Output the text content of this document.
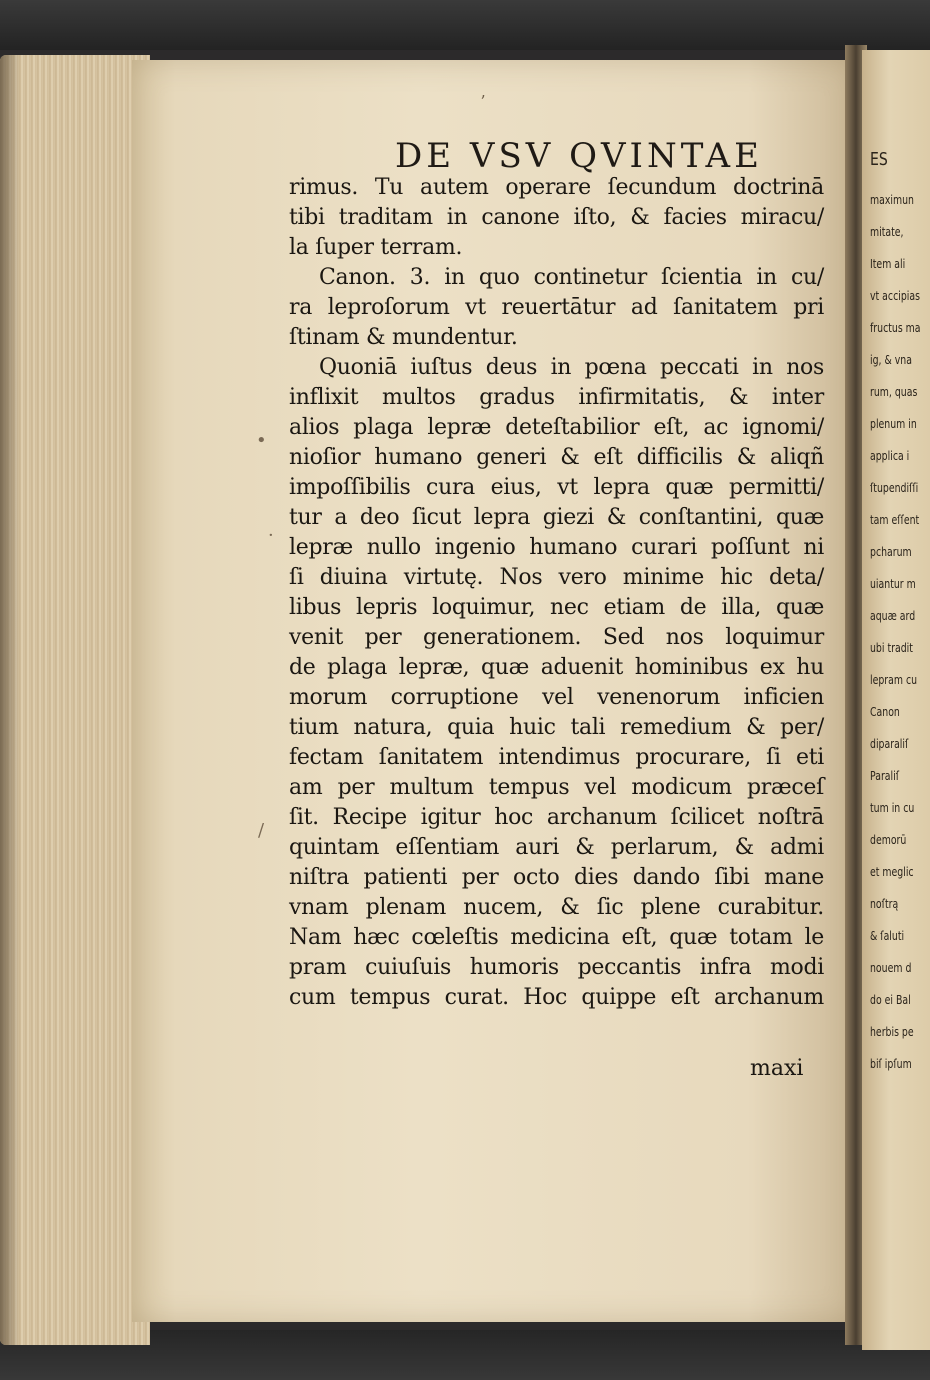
ES
maximun
mitate,
Item ali
vt accipias
fructus ma
ig, & vna
rum, quas
plenum in
applica i
ſtupendiſſi
tam eſſent
pcharum
uiantur m
aquæ ard
ubi tradit
lepram cu
Canon
diparaliſ
Paraliſ
tum in cu
demorū
et meglic
noſtrą
& ſaluti
nouem d
do ei Bal
herbis pe
biſ ipſum
ʼ
•
·
/
DE VSV QVINTAE
rimus. Tu autem operare ſecundum doctrinā
tibi traditam in canone iſto, & facies miracu/
la ſuper terram.
Canon. 3. in quo continetur ſcientia in cu/
ra leproſorum vt reuertātur ad ſanitatem pri
ſtinam & mundentur.
Quoniā iuſtus deus in pœna peccati in nos
inflixit multos gradus infirmitatis, & inter
alios plaga lepræ deteſtabilior eſt, ac ignomi/
nioſior humano generi & eſt difficilis & aliqñ
impoſſibilis cura eius, vt lepra quæ permitti/
tur a deo ſicut lepra giezi & conſtantini, quæ
lepræ nullo ingenio humano curari poſſunt ni
ſi diuina virtutę. Nos vero minime hic deta/
libus lepris loquimur, nec etiam de illa, quæ
venit per generationem. Sed nos loquimur
de plaga lepræ, quæ aduenit hominibus ex hu
morum corruptione vel venenorum inficien
tium natura, quia huic tali remedium & per/
fectam ſanitatem intendimus procurare, ſi eti
am per multum tempus vel modicum præceſ
ſit. Recipe igitur hoc archanum ſcilicet noſtrā
quintam eſſentiam auri & perlarum, & admi
niſtra patienti per octo dies dando ſibi mane
vnam plenam nucem, & ſic plene curabitur.
Nam hæc cœleſtis medicina eſt, quæ totam le
pram cuiuſuis humoris peccantis infra modi
cum tempus curat. Hoc quippe eſt archanum
maxi
